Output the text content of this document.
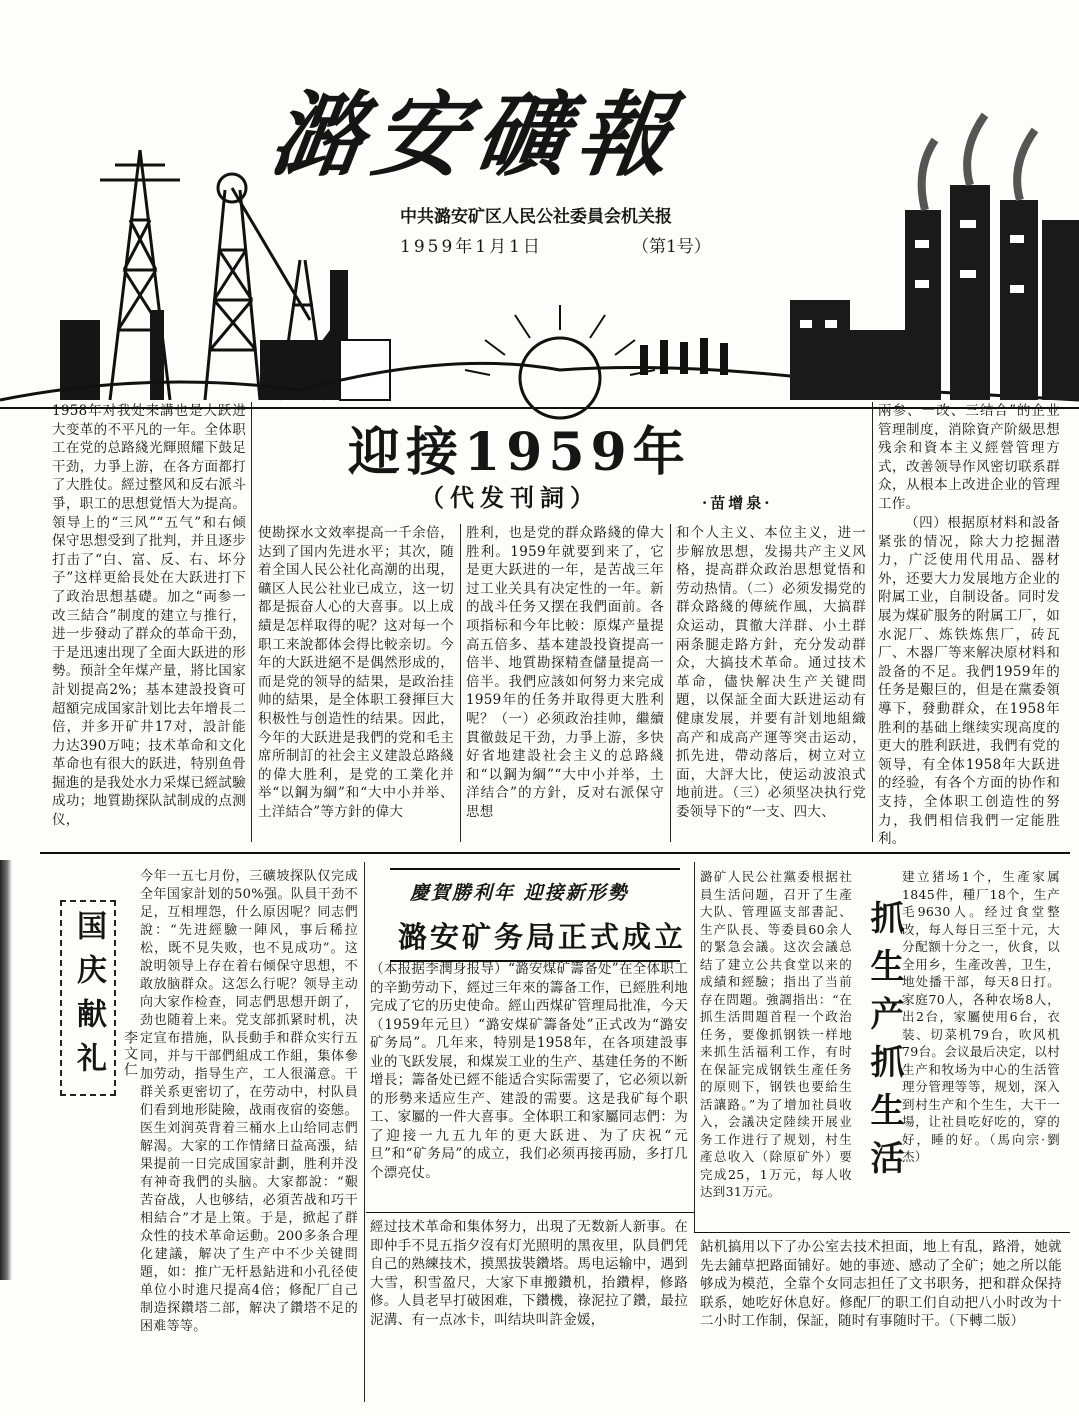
潞安礦報
中共潞安矿区人民公社委員会机关报
1959年1月1日	（第1号）
迎接1959年
（代发刊詞）	·苗增泉·

1958年对我处来講也是大跃进大变革的不平凡的一年。全体职工在党的总路綫光輝照耀下鼓足干劲，力爭上游，在各方面都打了大胜仗。經过整风和反右派斗爭，职工的思想覚悟大为提高。領导上的“三风”“五气”和右倾保守思想受到了批判，并且逐步打击了“白、富、反、右、坏分子”这样更給長处在大跃进打下了政治思想基礎。加之“両参一改三結合”制度的建立与推行，进一步發动了群众的革命干劲，于是迅速出现了全面大跃进的形勢。预計全年煤产量，將比国家計划提高2%；基本建設投資可超額完成国家計划比去年增長二倍，并多开矿井17对，設計能力达390万吨；技术革命和文化革命也有很大的跃进，特别鱼骨掘進的是我处水力采煤已經試驗成功；地質勘探队試制成的点测仪，

使勘探水文效率提高一千余倍，达到了国内先进水平；其次，随着全国人民公社化高潮的出現，礦区人民公社业已成立，这一切都是振奋人心的大喜事。以上成績是怎样取得的呢？这对每一个职工来說都体会得比較亲切。今年的大跃进絕不是偶然形成的，而是党的领导的結果，是政治挂帅的結果，是全体职工發揮巨大积极性与创造性的结果。因此，今年的大跃进是我們的党和毛主席所制訂的社会主义建設总路綫的偉大胜利，是党的工業化并举“以鋼为綱”和“大中小并举、土洋結合”等方針的偉大

胜利，也是党的群众路綫的偉大胜利。1959年就要到来了，它是更大跃进的一年，是苦战三年过工业关具有决定性的一年。新的战斗任务又摆在我們面前。各项指标和今年比較：原煤产量提高五倍多、基本建設投資提高一倍半、地質勘探精查儲量提高一倍半。我們应該如何努力来完成1959年的任务并取得更大胜利呢？（一）必须政治挂帅，繼續貫徹鼓足干劲，力爭上游，多快好省地建設社会主义的总路綫和“以鋼为綱”“大中小并举，土洋结合”的方針，反对右派保守思想

和个人主义、本位主义，进一步解放思想，发揚共产主义风格，提高群众政治思想覚悟和劳动热情。（二）必须发揚党的群众路綫的傳統作風，大搞群众运动，貫徹大洋群、小土群兩条腿走路方針，充分发动群众，大搞技术革命。通过技术革命，儘快解决生产关键問題，以保証全面大跃进运动有健康发展，并要有計划地組織高产和成高产運等突击运动，抓先进，帶动落后，树立对立面，大評大比，使运动波浪式地前进。（三）必须坚决执行党委领导下的“一支、四大、

兩参、一改、三结合”的企业管理制度，消除資产阶級思想残余和資本主义經營管理方式，改善领导作风密切联系群众，从根本上改进企业的管理工作。

（四）根据原材料和設备紧张的情况，除大力挖掘潜力，广泛使用代用品、器材外，还要大力发展地方企业的附属工业，自制设备。同时发展为煤矿服务的附属工厂，如水泥厂、炼铁炼焦厂，砖瓦厂、木器厂等来解决原材料和設备的不足。我們1959年的任务是艱巨的，但是在黨委領導下，發動群众，在1958年胜利的基础上继续实现高度的更大的胜利跃进，我們有党的领导，有全体1958年大跃进的经验，有各个方面的协作和支持，全体职工创造性的努力，我們相信我們一定能胜利。

国庆献礼	李文仁

今年一五七月份，三礦坡探队仅完成全年国家計划的50%强。队員干劲不足，互相埋怨，什么原因呢？同志們說：“先进經驗一陣风，事后稀拉松，既不見失败，也不見成功”。这說明领导上存在着右倾保守思想，不敢放脑群众。这怎么行呢？领导主动向大家作检查，同志們思想开朗了，劲也随着上来。党支部抓紧时机，决定宣布措施，队長動手和群众实行五同，并与干部們組成工作組，集体參加劳动，指导生产，工人很滿意。干群关系更密切了，在劳动中，村队員们看到地形陡險，战雨夜宿的姿態。医生刘润英背着三桶水上山给同志們解渴。大家的工作情緒日益高漲，結果提前一日完成国家計劃，胜利并没有神奇我們的头脑。大家都說：“艱苦奋战，人也够结，必須苦战和巧干相結合”才是上策。于是，掀起了群众性的技术革命运動。200多条合理化建議，解决了生产中不少关键問題，如：推广无杆悬鉆进和小孔径使单位小时進尺提高4倍；修配厂自己制造探鑽塔二部，解决了鑽塔不足的困难等等。

慶賀勝利年 迎接新形勢
潞安矿务局正式成立

（本报据李潤身报导）“潞安煤矿籌备处”在全体职工的辛勤劳动下，經过三年來的籌备工作，已經胜利地完成了它的历史使命。經山西煤矿管理局批准，今天（1959年元旦）“潞安煤矿籌备处”正式改为“潞安矿务局”。几年来，特别是1958年，在各项建設事业的飞跃发展，和煤炭工业的生产、基建任务的不断增長；籌备处已經不能适合实际需要了，它必须以新的形勢来适应生产、建設的需要。这是我矿每个职工、家屬的一件大喜事。全体职工和家屬同志們：为了迎接一九五九年的更大跃进、为了庆祝“元旦”和“矿务局”的成立，我们必须再接再励，多打几个漂亮仗。

潞矿人民公社黨委根据社員生活问题，召开了生產大队、管理區支部書記、生产队長、等委員60余人的緊急会議。这次会議总结了建立公共食堂以来的成績和經驗；指出了当前存在問題。強調指出：“在抓生活問題首程一个政治任务，要像抓钢铁一样地来抓生活福利工作，有时在保証完成钢铁生產任务的原则下，钢铁也要給生活讓路。”为了增加社員收入，会議决定陸续开展业务工作进行了规划，村生產总收入（除原矿外）要完成25，1万元，每人收达到31万元。

抓生产抓生活

建立猪场1个，生產家属1845件，種厂18个，生产毛9630人。经过食堂整改，每人每日三至十元，大分配额十分之一，伙食，以全用乡，生產改善，卫生，地处播干部，每天8日打。家庭70人，各种农场8人，出2台，家屬使用6台，衣装、切菜机79台，吹风机79台。会议最后决定，以村生产和牧场为中心的生活管理分管理等等，规划，深入到村生产和个生生，大干一場，让社員吃好吃的，穿的好，睡的好。（馬向宗·劉杰）

經过技术革命和集体努力，出現了无数新人新事。在即仲手不見五指夕沒有灯光照明的黑夜里，队員們凭自己的熟練技术，摸黑拔裝鑽塔。馬电运输中，遇到大雪，积雪盈尺，大家下車搬鑽机，抬鑽桿，修路修。人員老早打破困难，下鑽機，祿泥拉了鑽，最拉泥溝、有一点冰卡，叫结块叫許金媛，

鉆机搞用以下了办公室去技术担面，地上有乱，路滑，她就先去鋪草把路面铺好。她的事迹、感动了全矿；她之所以能够成为模范，全靠个女同志担任了文书职务，把和群众保持联系，她吃好休息好。修配厂的职工们自动把八小时改为十二小时工作制，保証，随时有事随时干。（下轉二版）
